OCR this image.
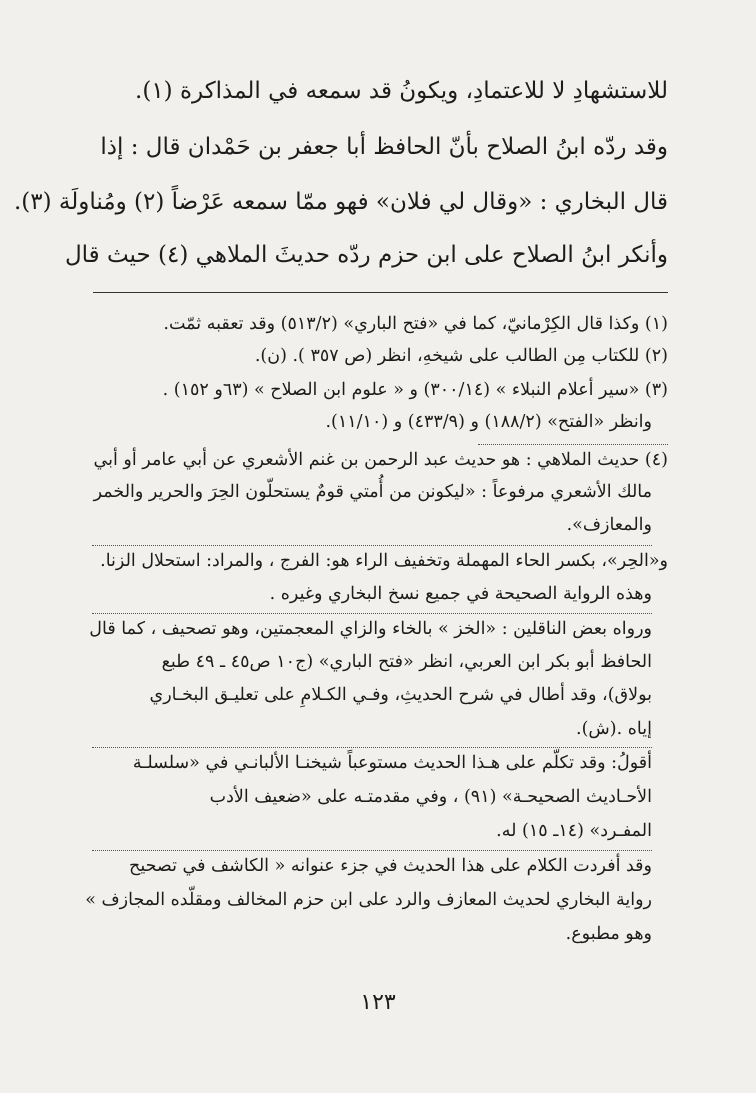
للاستشهادِ لا للاعتمادِ، ويكونُ قد سمعه في المذاكرة (١).

وقد ردّه ابنُ الصلاح بأنّ الحافظ أبا جعفر بن حَمْدان قال : إذا

قال البخاري : «وقال لي فلان» فهو ممّا سمعه عَرْضاً (٢) ومُناولَة (٣).

وأنكر ابنُ الصلاح على ابن حزم ردّه حديثَ الملاهي (٤) حيث قال

(١) وكذا قال الكِرْمانيّ، كما في «فتح الباري» (٥١٣/٢) وقد تعقبه ثمّت.
(٢) للكتاب مِن الطالب على شيخهِ، انظر (ص ٣٥٧ ). (ن).
(٣) «سير أعلام النبلاء » (٣٠٠/١٤) و « علوم ابن الصلاح » (٦٣و ١٥٢) .
وانظر «الفتح» (١٨٨/٢) و (٤٣٣/٩) و (١١/١٠).
(٤) حديث الملاهي : هو حديث عبد الرحمن بن غنم الأشعري عن أبي عامر أو أبي
مالك الأشعري مرفوعاً : «ليكونن من أُمتي قومٌ يستحلّون الحِرَ والحرير والخمر
والمعازف».
و«الحِر»، بكسر الحاء المهملة وتخفيف الراء هو: الفرج ، والمراد: استحلال الزنا.
وهذه الرواية الصحيحة في جميع نسخ البخاري وغيره .
ورواه بعض الناقلين : «الخز » بالخاء والزاي المعجمتين، وهو تصحيف ، كما قال
الحافظ أبو بكر ابن العربي، انظر «فتح الباري» (ج١٠ ص٤٥ ـ ٤٩ طبع
بولاق)، وقد أطال في شرح الحديثِ، وفـي الكـلامِ على تعليـق البخـاري
إياه .(ش).
أقولُ: وقد تكلّم على هـذا الحديث مستوعباً شيخنـا الألبانـي في «سلسلـة
الأحـاديث الصحيحـة» (٩١) ، وفي مقدمتـه على «ضعيف الأدب
المفـرد» (١٤ـ ١٥) له.
وقد أفردت الكلام على هذا الحديث في جزء عنوانه « الكاشف في تصحيح
رواية البخاري لحديث المعازف والرد على ابن حزم المخالف ومقلّده المجازف »
وهو مطبوع.
١٢٣
